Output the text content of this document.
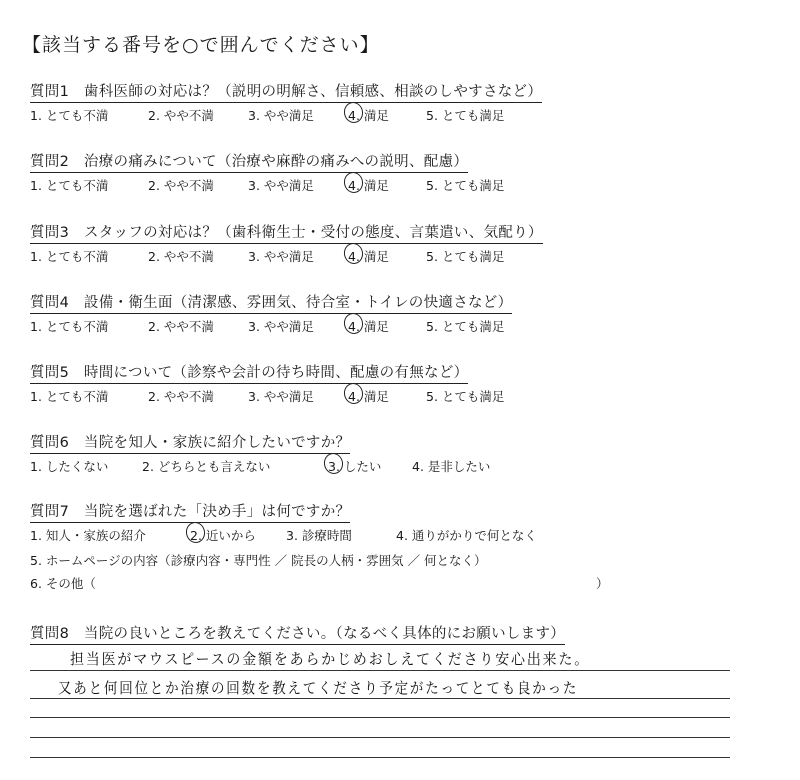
【該当する番号を○で囲んでください】
質問1　歯科医師の対応は？（説明の明解さ、信頼感、相談のしやすさなど）
1. とても不満	2. やや不満	3. やや満足	4. 満足	5. とても満足
質問2　治療の痛みについて（治療や麻酔の痛みへの説明、配慮）
1. とても不満	2. やや不満	3. やや満足	4. 満足	5. とても満足
質問3　スタッフの対応は？（歯科衛生士・受付の態度、言葉遣い、気配り）
1. とても不満	2. やや不満	3. やや満足	4. 満足	5. とても満足
質問4　設備・衛生面（清潔感、雰囲気、待合室・トイレの快適さなど）
1. とても不満	2. やや不満	3. やや満足	4. 満足	5. とても満足
質問5　時間について（診察や会計の待ち時間、配慮の有無など）
1. とても不満	2. やや不満	3. やや満足	4. 満足	5. とても満足
質問6　当院を知人・家族に紹介したいですか？
1. したくない	2. どちらとも言えない	3. したい 4. 是非したい
質問7　当院を選ばれた「決め手」は何ですか？
1. 知人・家族の紹介	2. 近いから 3. 診療時間	4. 通りがかりで何となく
5. ホームページの内容（診療内容・専門性 ／ 院長の人柄・雰囲気 ／ 何となく）
6. その他（	）
質問8　当院の良いところを教えてください。（なるべく具体的にお願いします）
担当医がマウスピースの金額をあらかじめおしえてくださり安心出来た。
又あと何回位とか治療の回数を教えてくださり予定がたってとても良かった
